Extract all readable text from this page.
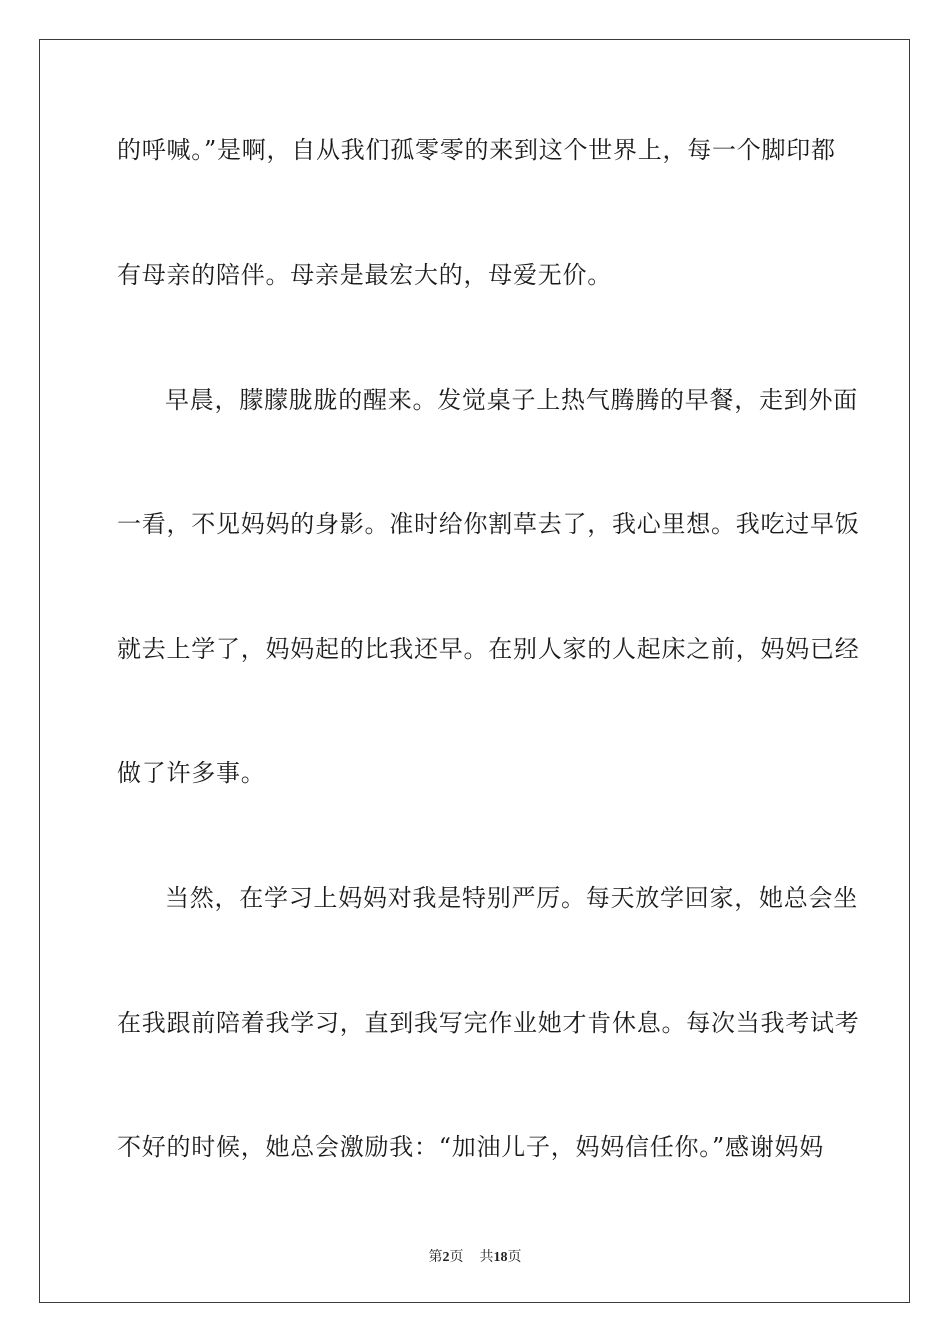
的呼喊。”是啊，自从我们孤零零的来到这个世界上，每一个脚印都
有母亲的陪伴。母亲是最宏大的，母爱无价。
早晨，朦朦胧胧的醒来。发觉桌子上热气腾腾的早餐，走到外面
一看，不见妈妈的身影。准时给你割草去了，我心里想。我吃过早饭
就去上学了，妈妈起的比我还早。在别人家的人起床之前，妈妈已经
做了许多事。
当然，在学习上妈妈对我是特别严厉。每天放学回家，她总会坐
在我跟前陪着我学习，直到我写完作业她才肯休息。每次当我考试考
不好的时候，她总会激励我：“加油儿子，妈妈信任你。”感谢妈妈
第2页 共18页
